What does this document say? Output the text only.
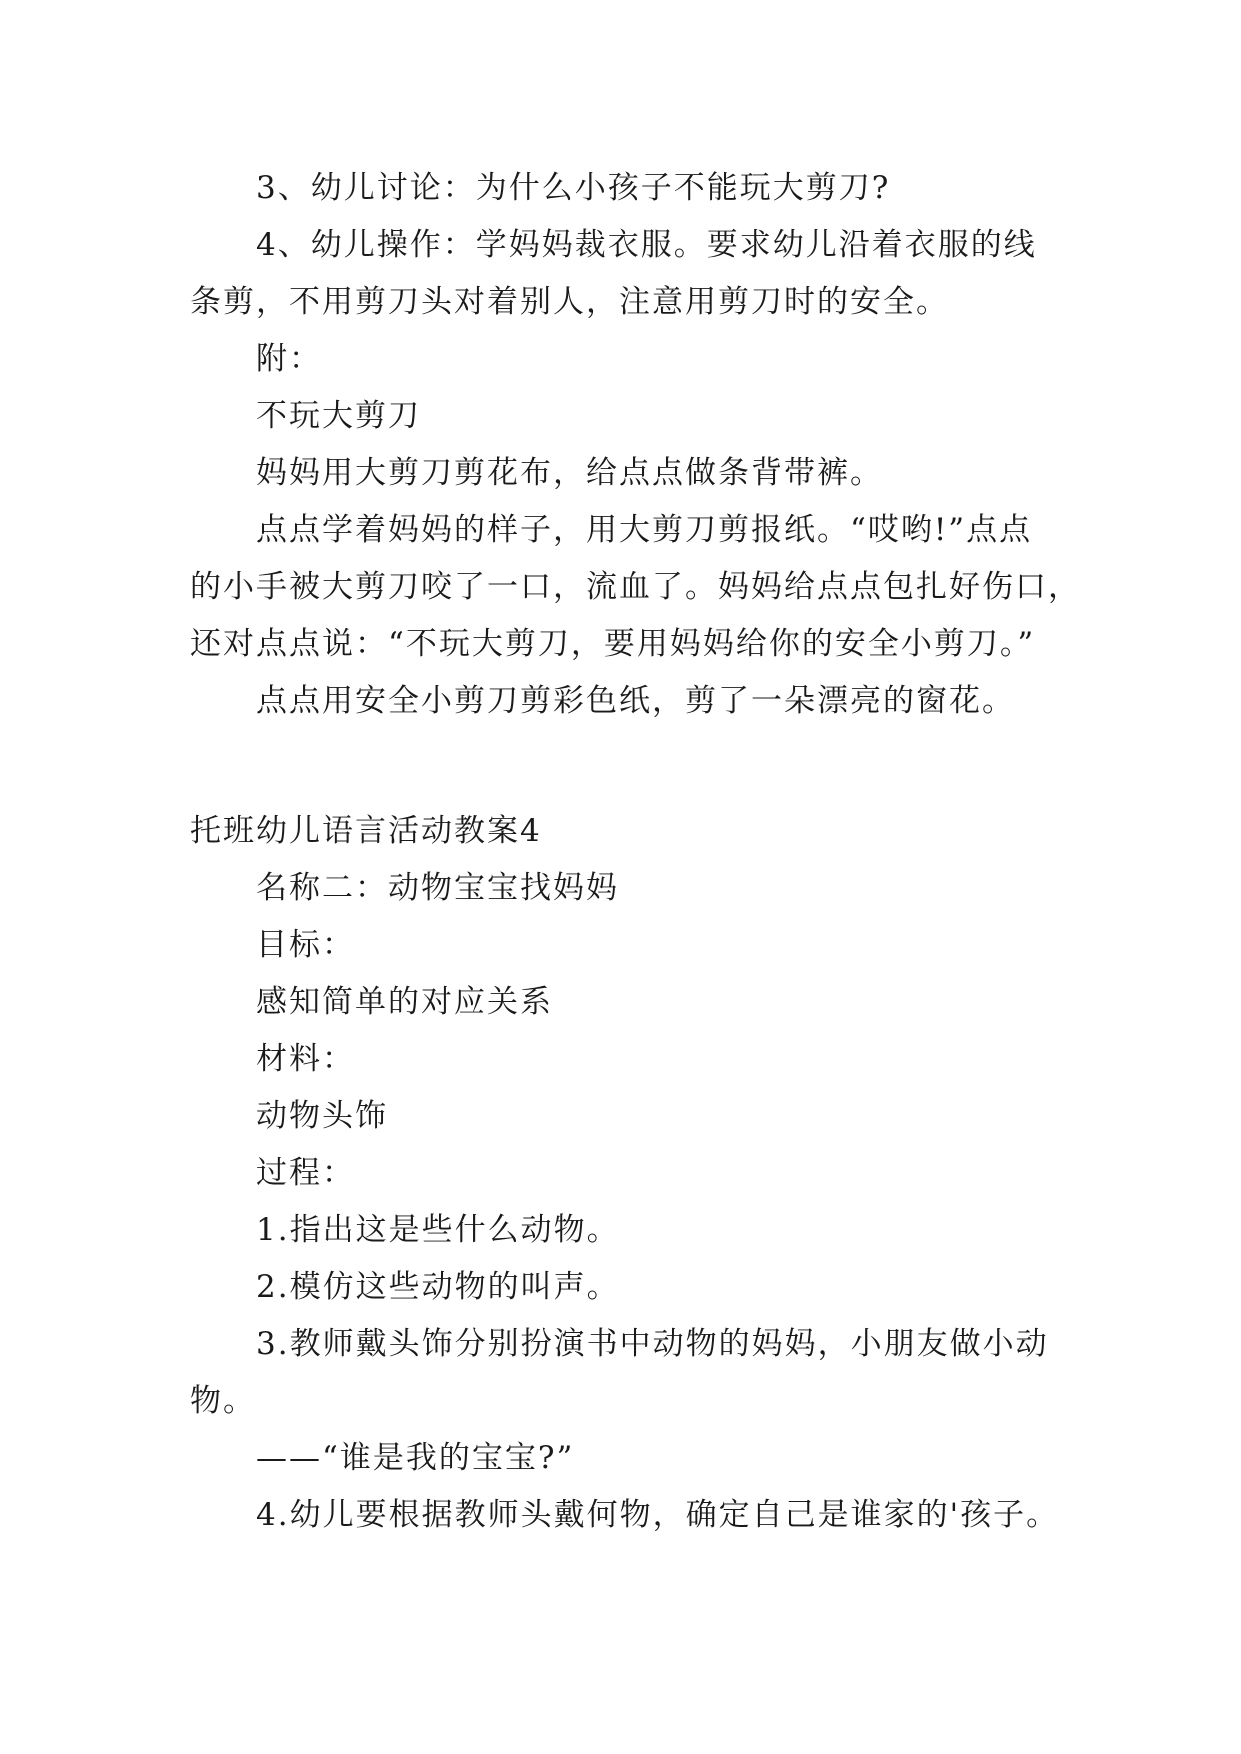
3、幼儿讨论：为什么小孩子不能玩大剪刀?
4、幼儿操作：学妈妈裁衣服。要求幼儿沿着衣服的线
条剪，不用剪刀头对着别人，注意用剪刀时的安全。
附：
不玩大剪刀
妈妈用大剪刀剪花布，给点点做条背带裤。
点点学着妈妈的样子，用大剪刀剪报纸。“哎哟!”点点
的小手被大剪刀咬了一口，流血了。妈妈给点点包扎好伤口，
还对点点说：“不玩大剪刀，要用妈妈给你的安全小剪刀。”
点点用安全小剪刀剪彩色纸，剪了一朵漂亮的窗花。
托班幼儿语言活动教案4
名称二：动物宝宝找妈妈
目标：
感知简单的对应关系
材料：
动物头饰
过程：
1.指出这是些什么动物。
2.模仿这些动物的叫声。
3.教师戴头饰分别扮演书中动物的妈妈，小朋友做小动
物。
——“谁是我的宝宝?”
4.幼儿要根据教师头戴何物，确定自己是谁家的'孩子。
